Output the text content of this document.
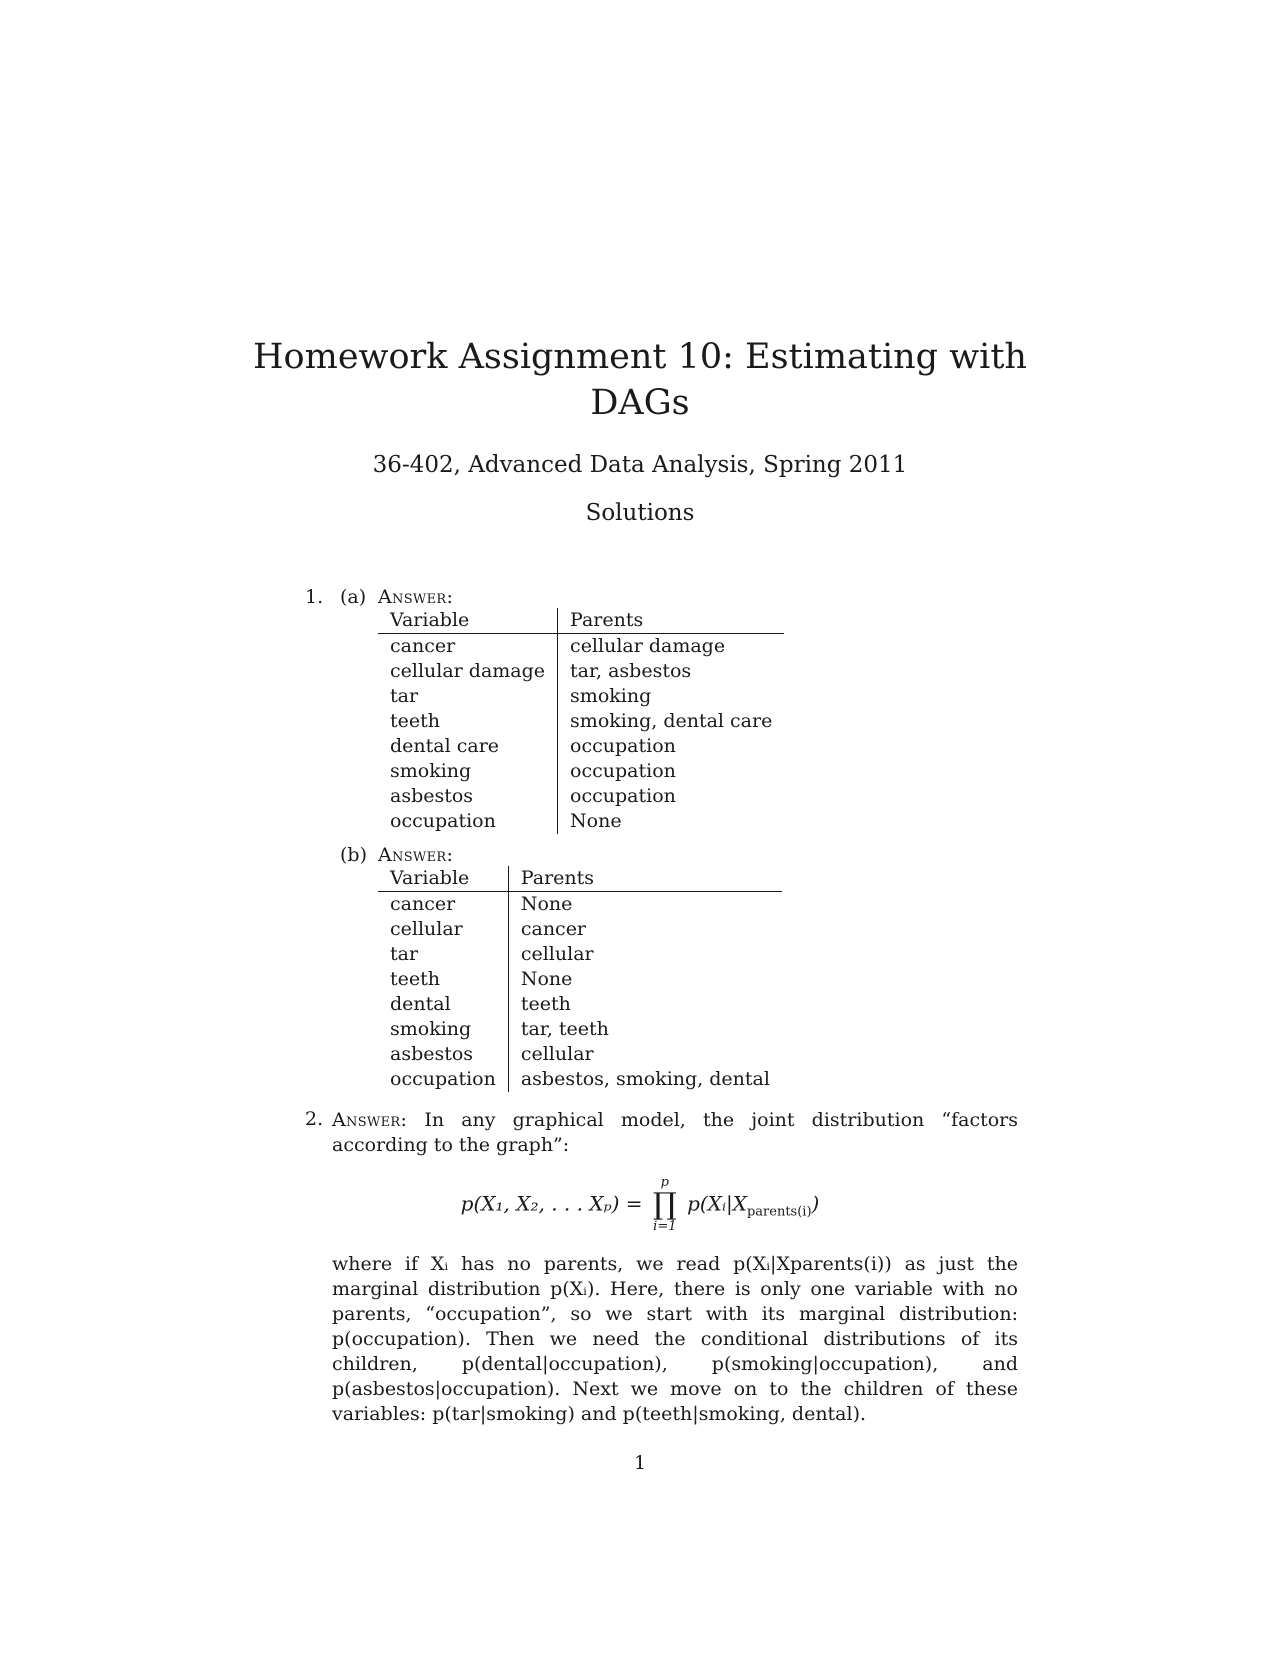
Homework Assignment 10: Estimating with
DAGs
36-402, Advanced Data Analysis, Spring 2011
Solutions
1. (a) Answer:
Variable	Parents
cancer	cellular damage
cellular damage	tar, asbestos
tar	smoking
teeth	smoking, dental care
dental care	occupation
smoking	occupation
asbestos	occupation
occupation	None
(b) Answer:
Variable	Parents
cancer	None
cellular	cancer
tar	cellular
teeth	None
dental	teeth
smoking	tar, teeth
asbestos	cellular
occupation	asbestos, smoking, dental
2. Answer: In any graphical model, the joint distribution “factors according to the graph”:
p(X₁, X₂, . . . Xₚ) =
p
∏
i=1
$p(Xᵢ|X_{parents(i)})$
where if Xᵢ has no parents, we read p(Xᵢ|Xparents(i)) as just the marginal distribution p(Xᵢ). Here, there is only one variable with no parents, “occupation”, so we start with its marginal distribution: p(occupation). Then we need the conditional distributions of its children, p(dental|occupation), p(smoking|occupation), and p(asbestos|occupation). Next we move on to the children of these variables: p(tar|smoking) and p(teeth|smoking, dental).
1
